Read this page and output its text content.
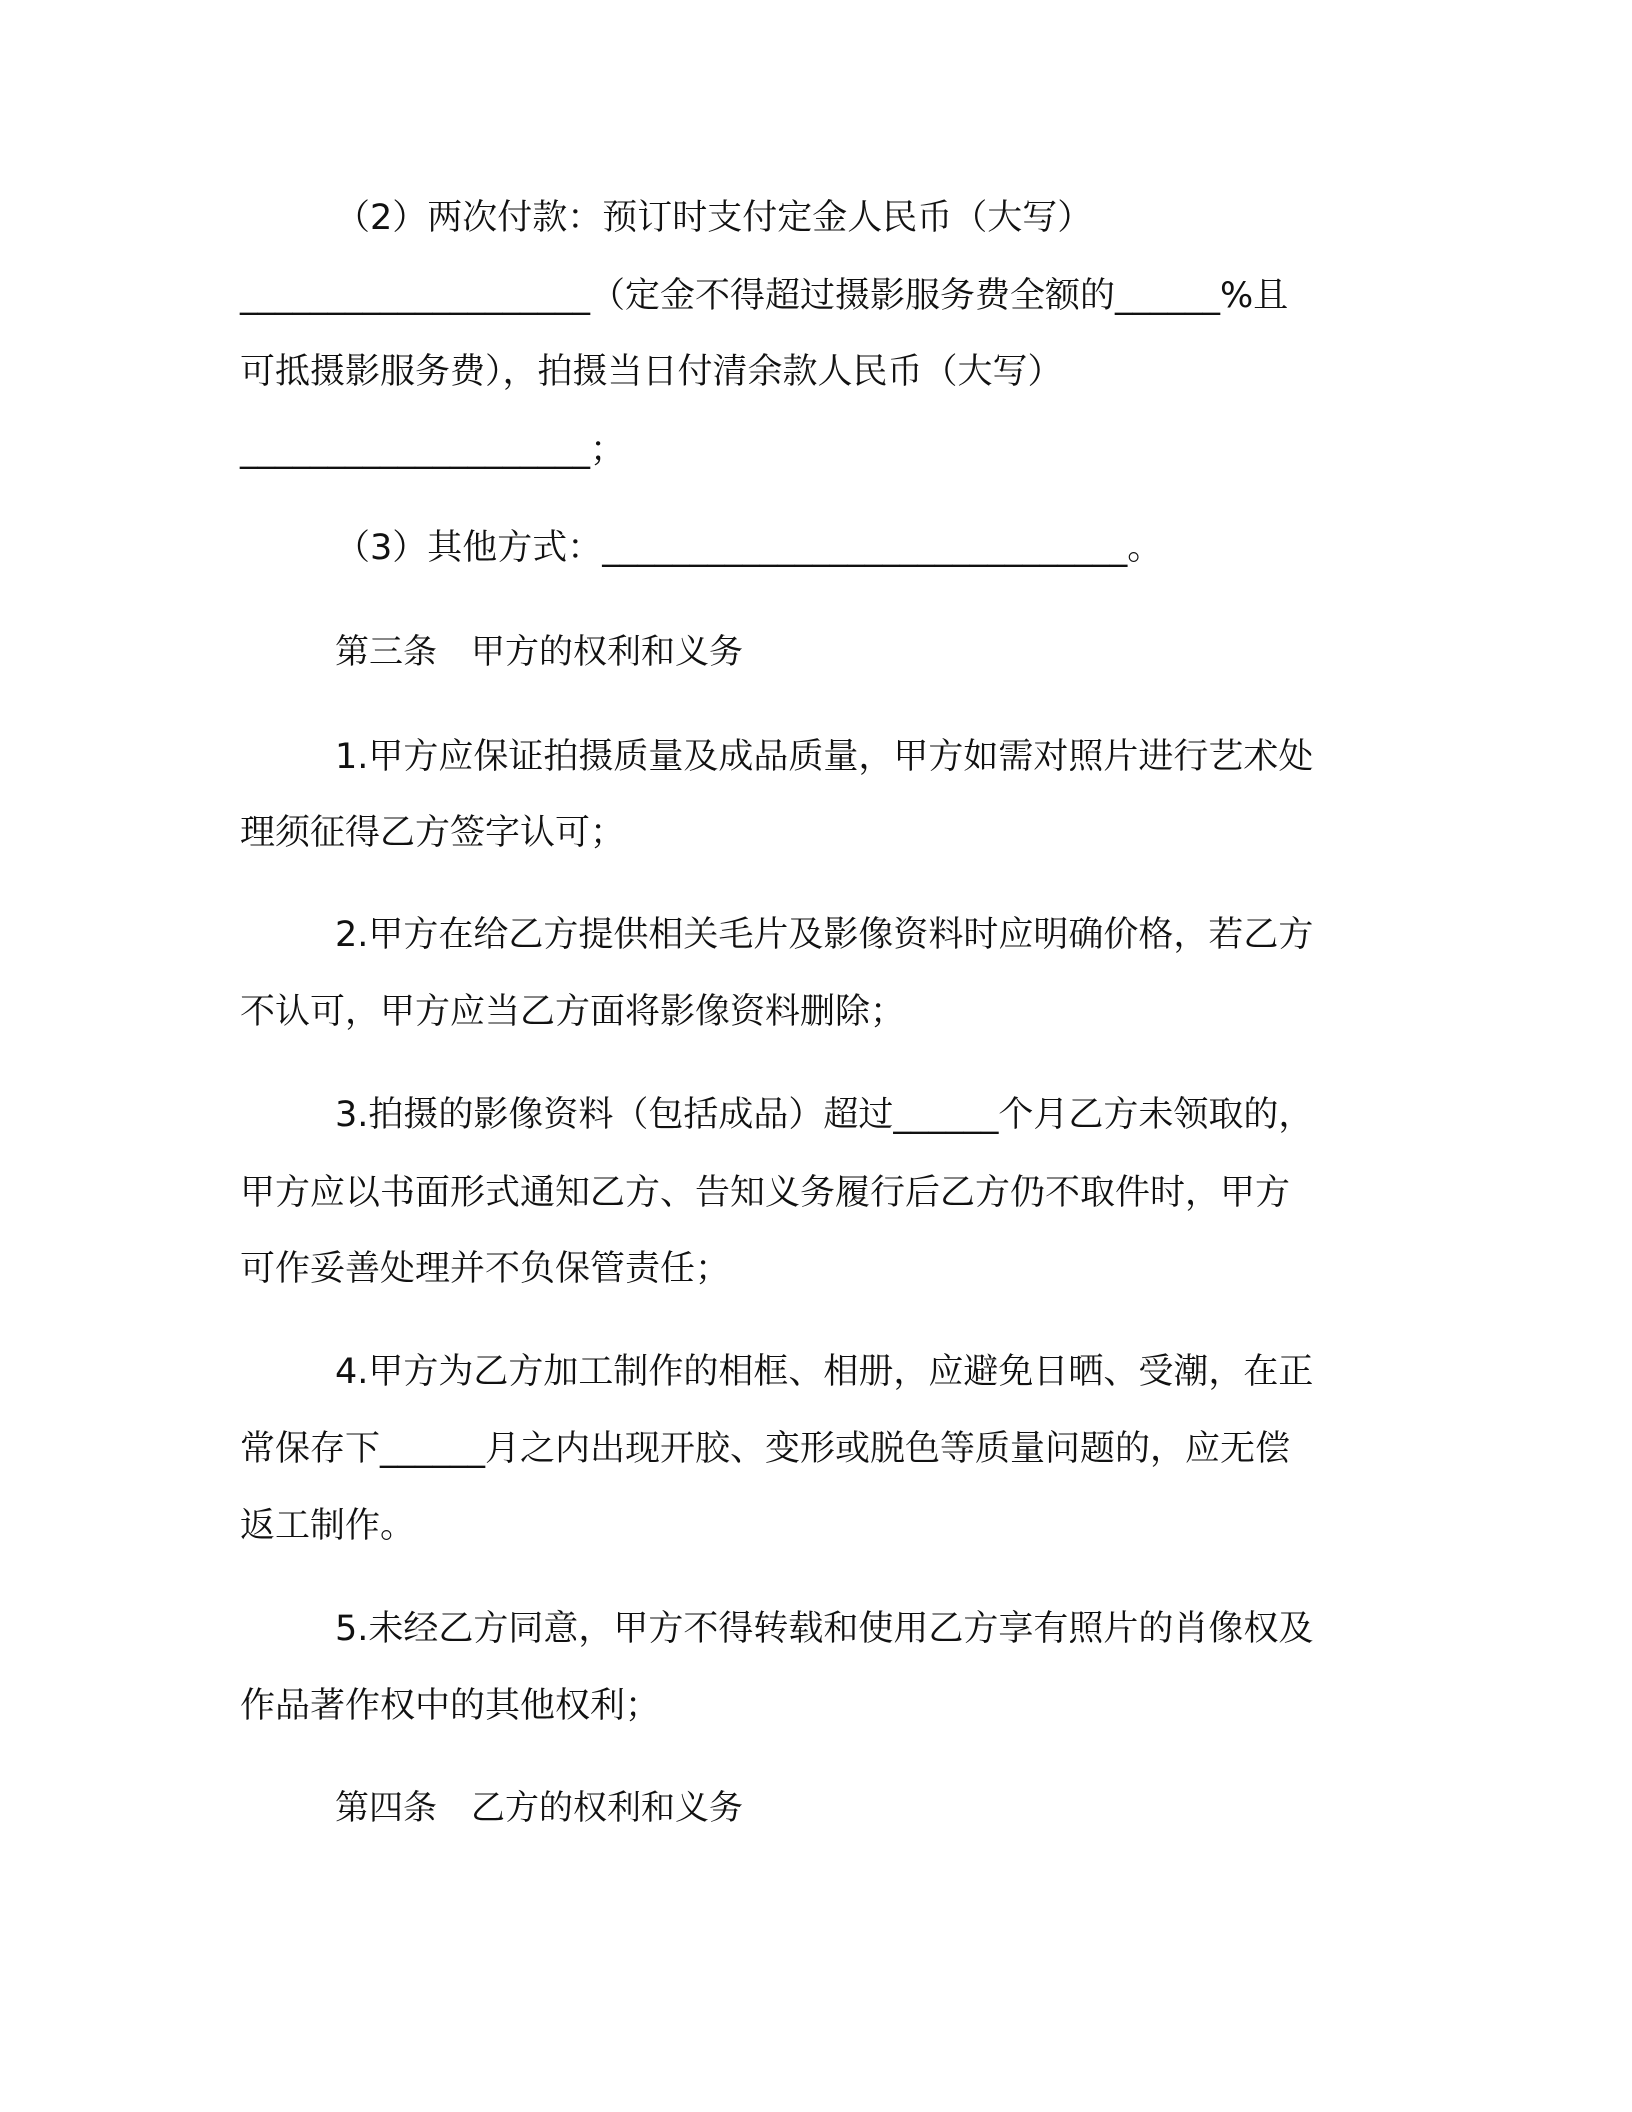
（2）两次付款：预订时支付定金人民币（大写）
____________________（定金不得超过摄影服务费全额的______%且
可抵摄影服务费），拍摄当日付清余款人民币（大写）
____________________；
（3）其他方式：______________________________。
第三条　甲方的权利和义务
1.甲方应保证拍摄质量及成品质量，甲方如需对照片进行艺术处
理须征得乙方签字认可；
2.甲方在给乙方提供相关毛片及影像资料时应明确价格，若乙方
不认可，甲方应当乙方面将影像资料删除；
3.拍摄的影像资料（包括成品）超过______个月乙方未领取的，
甲方应以书面形式通知乙方、告知义务履行后乙方仍不取件时，甲方
可作妥善处理并不负保管责任；
4.甲方为乙方加工制作的相框、相册，应避免日晒、受潮，在正
常保存下______月之内出现开胶、变形或脱色等质量问题的，应无偿
返工制作。
5.未经乙方同意，甲方不得转载和使用乙方享有照片的肖像权及
作品著作权中的其他权利；
第四条　乙方的权利和义务
